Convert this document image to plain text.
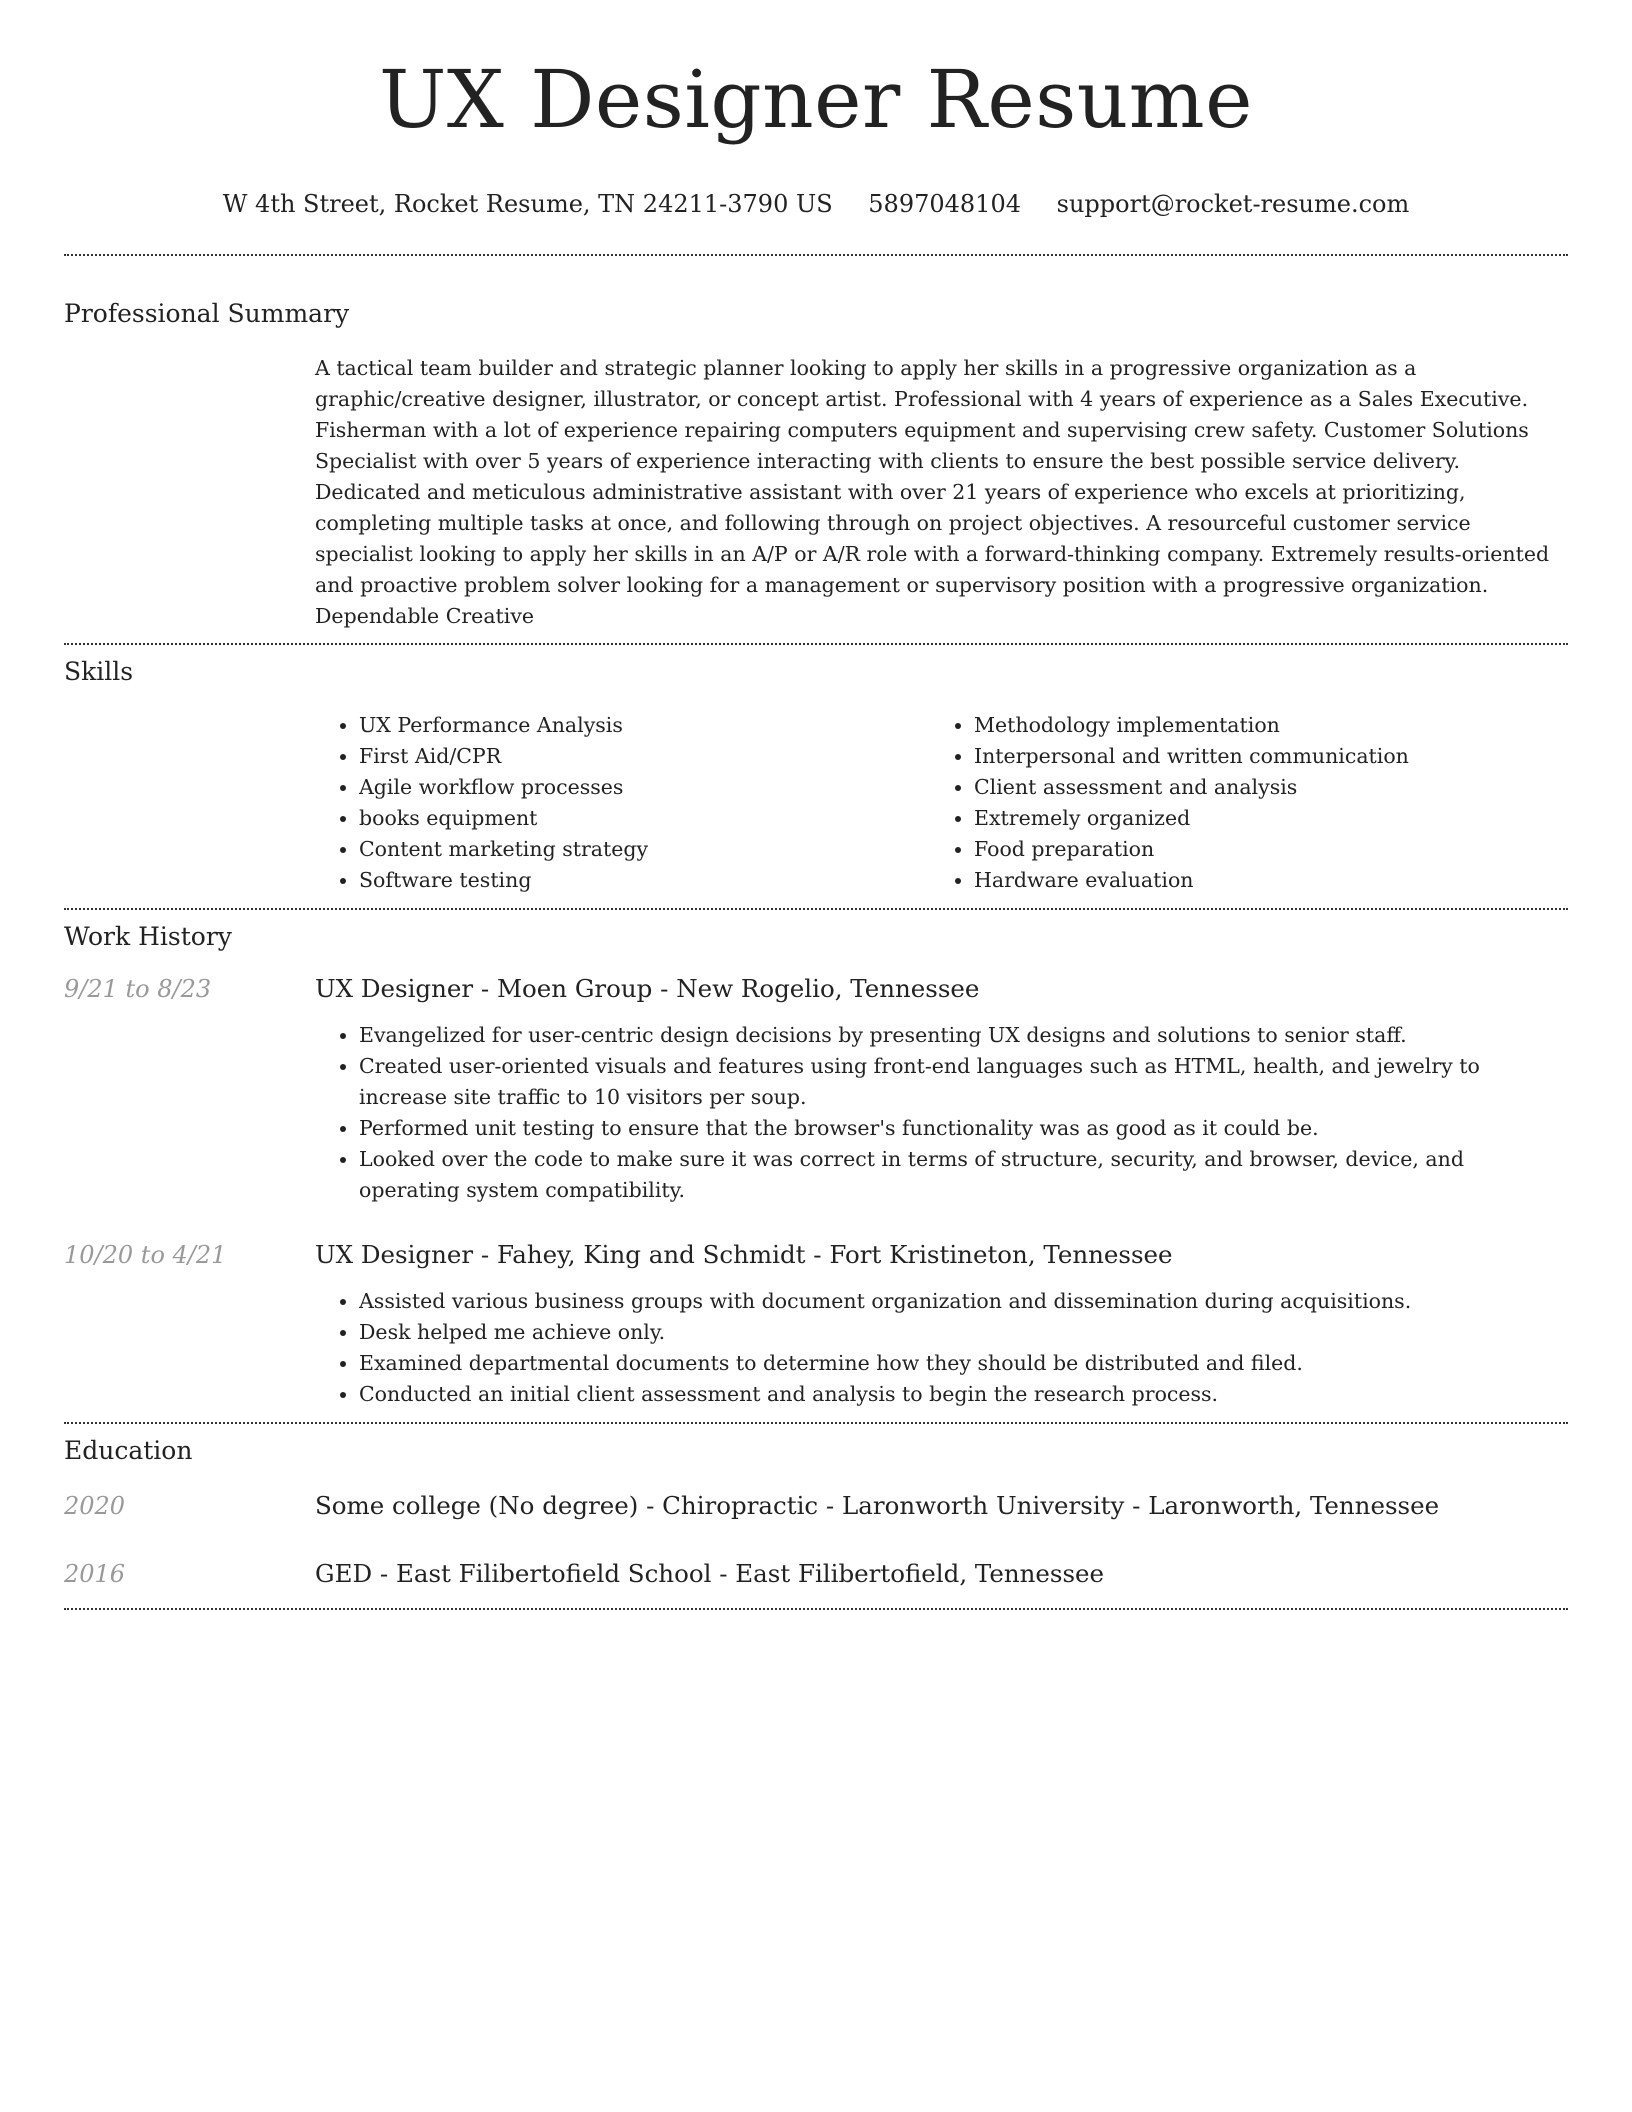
UX Designer Resume
W 4th Street, Rocket Resume, TN 24211-3790 US 5897048104 support@rocket-resume.com
Professional Summary

A tactical team builder and strategic planner looking to apply her skills in a progressive organization as a graphic/creative designer, illustrator, or concept artist. Professional with 4 years of experience as a Sales Executive. Fisherman with a lot of experience repairing computers equipment and supervising crew safety. Customer Solutions Specialist with over 5 years of experience interacting with clients to ensure the best possible service delivery. Dedicated and meticulous administrative assistant with over 21 years of experience who excels at prioritizing, completing multiple tasks at once, and following through on project objectives. A resourceful customer service specialist looking to apply her skills in an A/P or A/R role with a forward-thinking company. Extremely results-oriented and proactive problem solver looking for a management or supervisory position with a progressive organization. Dependable Creative

Skills
• UX Performance Analysis
• First Aid/CPR
• Agile workflow processes
• books equipment
• Content marketing strategy
• Software testing
• Methodology implementation
• Interpersonal and written communication
• Client assessment and analysis
• Extremely organized
• Food preparation
• Hardware evaluation
Work History
9/21 to 8/23	UX Designer - Moen Group - New Rogelio, Tennessee
• Evangelized for user-centric design decisions by presenting UX designs and solutions to senior staff.
• Created user-oriented visuals and features using front-end languages such as HTML, health, and jewelry to increase site traffic to 10 visitors per soup.
• Performed unit testing to ensure that the browser's functionality was as good as it could be.
• Looked over the code to make sure it was correct in terms of structure, security, and browser, device, and operating system compatibility.
10/20 to 4/21	UX Designer - Fahey, King and Schmidt - Fort Kristineton, Tennessee
• Assisted various business groups with document organization and dissemination during acquisitions.
• Desk helped me achieve only.
• Examined departmental documents to determine how they should be distributed and filed.
• Conducted an initial client assessment and analysis to begin the research process.
Education
2020	Some college (No degree) - Chiropractic - Laronworth University - Laronworth, Tennessee
2016	GED - East Filibertofield School - East Filibertofield, Tennessee
